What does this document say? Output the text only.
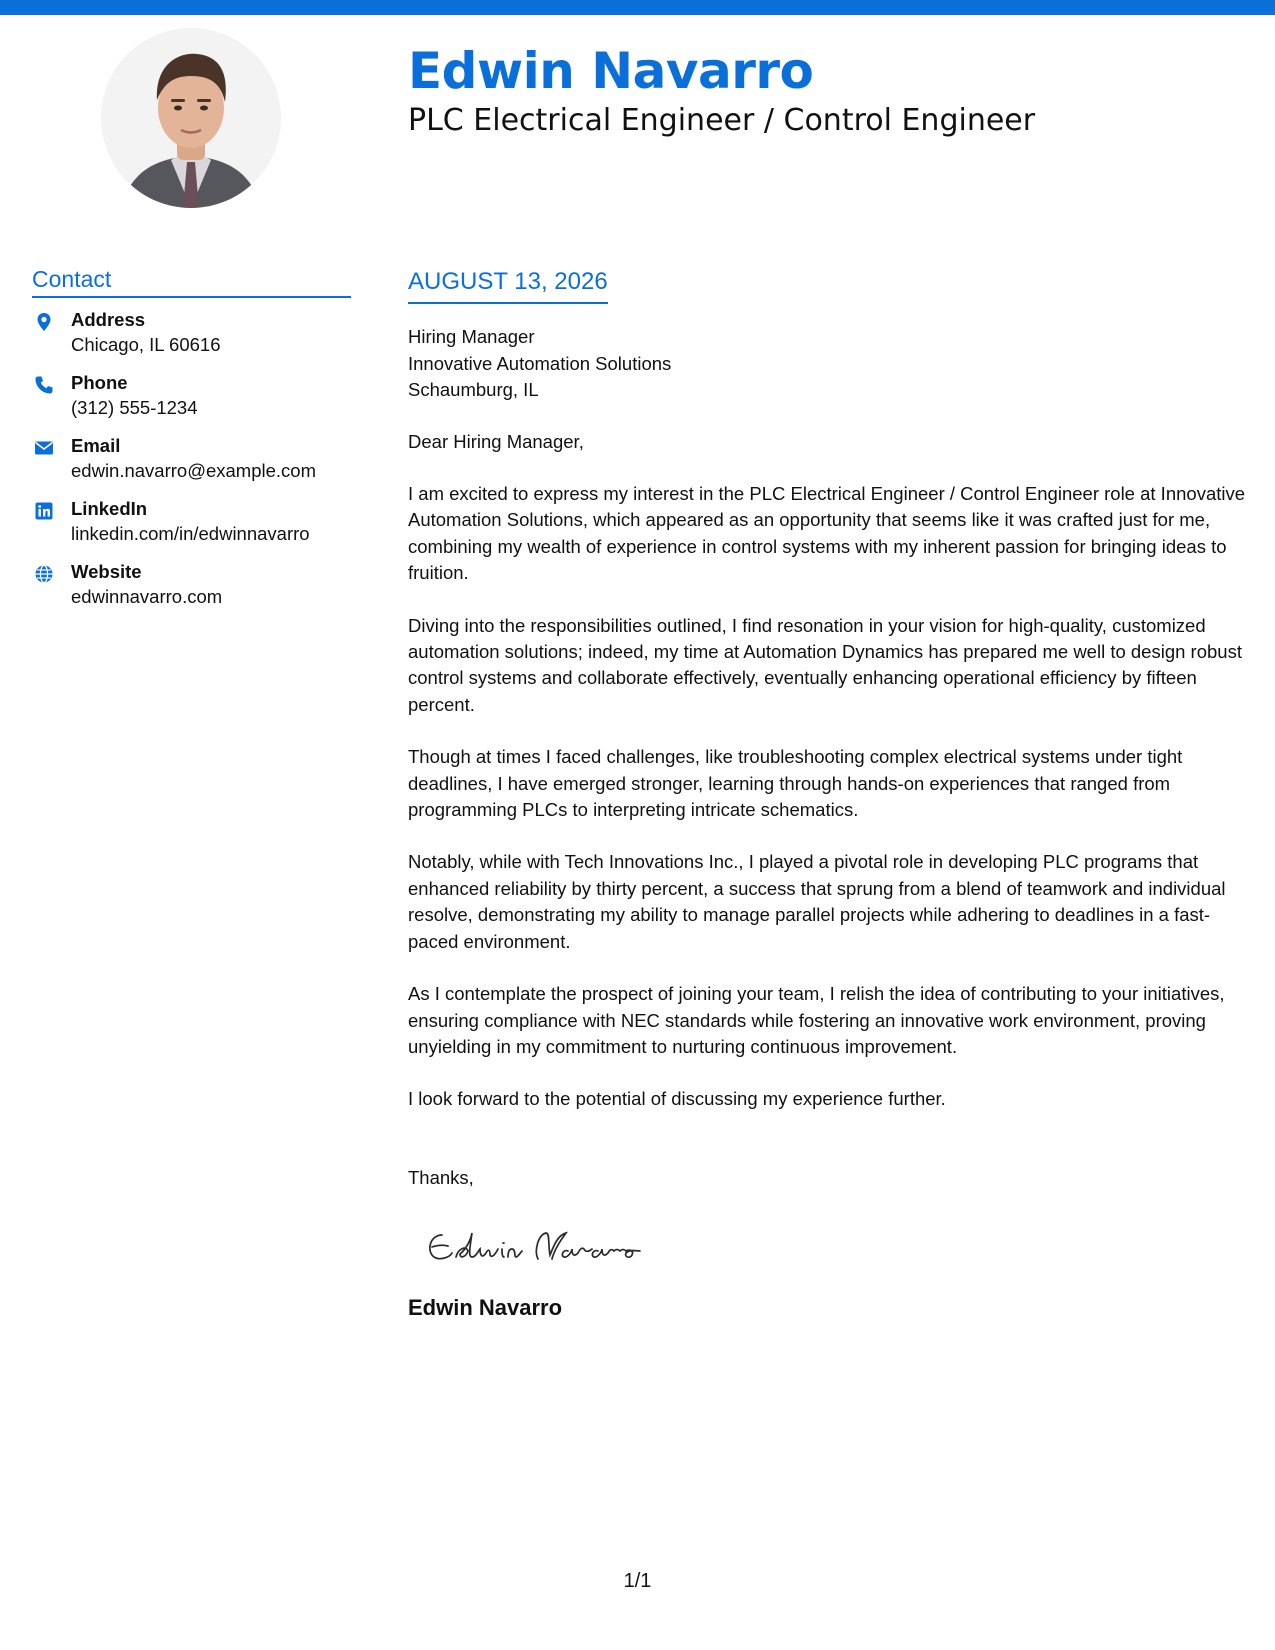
Edwin Navarro
PLC Electrical Engineer / Control Engineer
Contact
Address
Chicago, IL 60616
Phone
(312) 555-1234
Email
edwin.navarro@example.com
LinkedIn
linkedin.com/in/edwinnavarro
Website
edwinnavarro.com
AUGUST 13, 2026
Hiring Manager
Innovative Automation Solutions
Schaumburg, IL
Dear Hiring Manager,
I am excited to express my interest in the PLC Electrical Engineer / Control Engineer role at Innovative Automation Solutions, which appeared as an opportunity that seems like it was crafted just for me, combining my wealth of experience in control systems with my inherent passion for bringing ideas to fruition.
Diving into the responsibilities outlined, I find resonation in your vision for high-quality, customized automation solutions; indeed, my time at Automation Dynamics has prepared me well to design robust control systems and collaborate effectively, eventually enhancing operational efficiency by fifteen percent.
Though at times I faced challenges, like troubleshooting complex electrical systems under tight deadlines, I have emerged stronger, learning through hands-on experiences that ranged from programming PLCs to interpreting intricate schematics.
Notably, while with Tech Innovations Inc., I played a pivotal role in developing PLC programs that enhanced reliability by thirty percent, a success that sprung from a blend of teamwork and individual resolve, demonstrating my ability to manage parallel projects while adhering to deadlines in a fast-paced environment.
As I contemplate the prospect of joining your team, I relish the idea of contributing to your initiatives, ensuring compliance with NEC standards while fostering an innovative work environment, proving unyielding in my commitment to nurturing continuous improvement.
I look forward to the potential of discussing my experience further.
Thanks,
Edwin Navarro
1/1
